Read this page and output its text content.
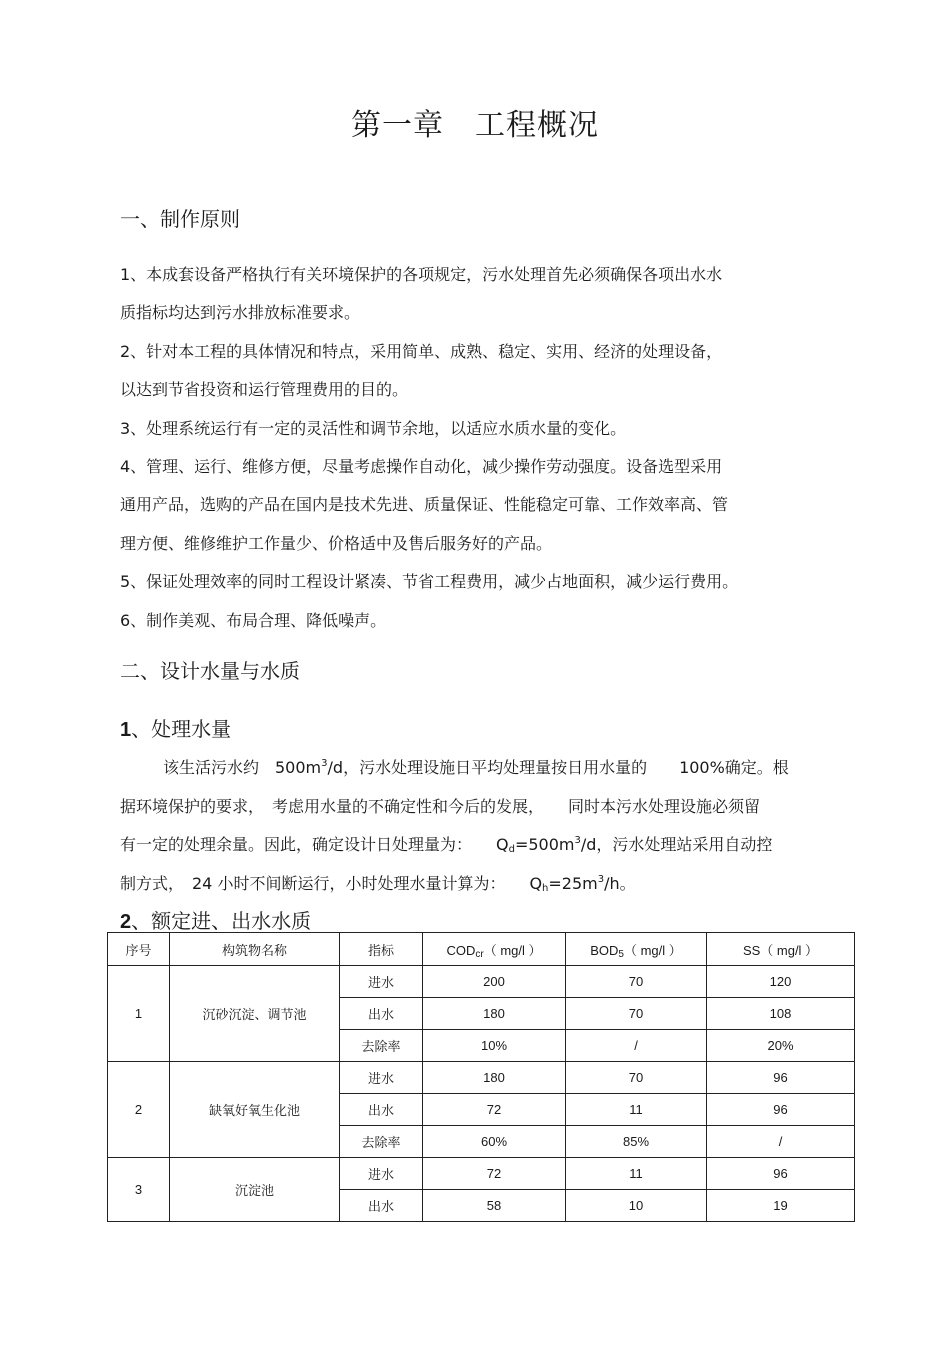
第一章　工程概况
一、制作原则
1、本成套设备严格执行有关环境保护的各项规定，污水处理首先必须确保各项出水水
质指标均达到污水排放标准要求。
2、针对本工程的具体情况和特点，采用简单、成熟、稳定、实用、经济的处理设备，
以达到节省投资和运行管理费用的目的。
3、处理系统运行有一定的灵活性和调节余地，以适应水质水量的变化。
4、管理、运行、维修方便，尽量考虑操作自动化，减少操作劳动强度。设备选型采用
通用产品，选购的产品在国内是技术先进、质量保证、性能稳定可靠、工作效率高、管
理方便、维修维护工作量少、价格适中及售后服务好的产品。
5、保证处理效率的同时工程设计紧凑、节省工程费用，减少占地面积，减少运行费用。
6、制作美观、布局合理、降低噪声。
二、设计水量与水质
1、处理水量
该生活污水约　$500m^3/d$，污水处理设施日平均处理量按日用水量的　　100%确定。根
据环境保护的要求，　考虑用水量的不确定性和今后的发展，　　同时本污水处理设施必须留
有一定的处理余量。因此，确定设计日处理量为：　　$Q_d=500m^3/d$，污水处理站采用自动控
制方式，　24 小时不间断运行，小时处理水量计算为：　　$Q_h=25m^3/h$。
2、额定进、出水水质
序号	构筑物名称	指标	$COD_{cr}$（ mg/l ）	$BOD_5$（ mg/l ）	SS（ mg/l ）
1	沉砂沉淀、调节池	进水	200	70	120
		出水	180	70	108
		去除率	10%	/	20%
2	缺氧好氧生化池	进水	180	70	96
		出水	72	11	96
		去除率	60%	85%	/
3	沉淀池	进水	72	11	96
		出水	58	10	19
